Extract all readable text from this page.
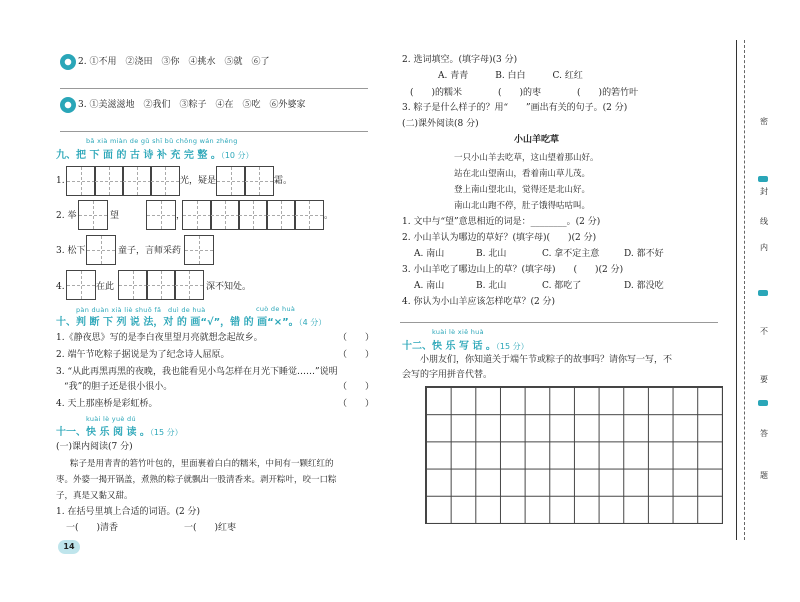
2. ①不用　②浇田　③你　④挑水　⑤就　⑥了
3. ①美滋滋地　②我们　③粽子　④在　⑤吃　⑥外婆家
bǎ xià miàn de gǔ shī bǔ chōng wán zhěng
九、把 下 面 的 古 诗 补 充 完 整 。（10 分）
1.	光，疑是	霜。
2. 举	望	，	。
3. 松下	童子，言师采药
4.	在此	深不知处。
pàn duàn xià liè shuō fǎ　duì de huà	cuò de huà
十、判 断 下 列 说 法，对 的 画“√”，错 的 画“×”。（4 分）
1.《静夜思》写的是李白夜里望月亮就想念起故乡。	（　　）
2. 端午节吃粽子据说是为了纪念诗人屈原。	（　　）
3. “从此再黑再黑的夜晚，我也能看见小鸟怎样在月光下睡觉……”说明
“我”的胆子还是很小很小。	（　　）
4. 天上那座桥是彩虹桥。	（　　）
kuài lè yuè dú
十一、快 乐 阅 读 。（15 分）
(一)课内阅读(7 分)
粽子是用青青的箬竹叶包的，里面裹着白白的糯米，中间有一颗红红的
枣。外婆一揭开锅盖，煮熟的粽子就飘出一股清香来。剥开粽叶，咬一口粽
子，真是又黏又甜。
1. 在括号里填上合适的词语。(2 分)
一(　　)清香	一(　　)红枣
14
2. 选词填空。(填字母)(3 分)
A. 青青　　　B. 白白　　　C. 红红
(　　)的糯米　　　　(　　)的枣　　　　(　　)的箬竹叶
3. 粽子是什么样子的？用“　　”画出有关的句子。(2 分)
(二)课外阅读(8 分)
小山羊吃草
一只小山羊去吃草，这山望着那山好。
站在北山望南山，看着南山草儿茂。
登上南山望北山，觉得还是北山好。
南山北山跑不停，肚子饿得咕咕叫。
1. 文中与“望”意思相近的词是：________。(2 分)
2. 小山羊认为哪边的草好？(填字母)(　　)(2 分)
A. 南山	B. 北山	C. 拿不定主意	D. 都不好
3. 小山羊吃了哪边山上的草？(填字母)　　(　　)(2 分)
A. 南山	B. 北山	C. 都吃了	D. 都没吃
4. 你认为小山羊应该怎样吃草？(2 分)
kuài lè xiě huà
十二、快 乐 写 话 。（15 分）
小朋友们，你知道关于端午节或粽子的故事吗？请你写一写，不
会写的字用拼音代替。
密
封
线
内
不
要
答
题
